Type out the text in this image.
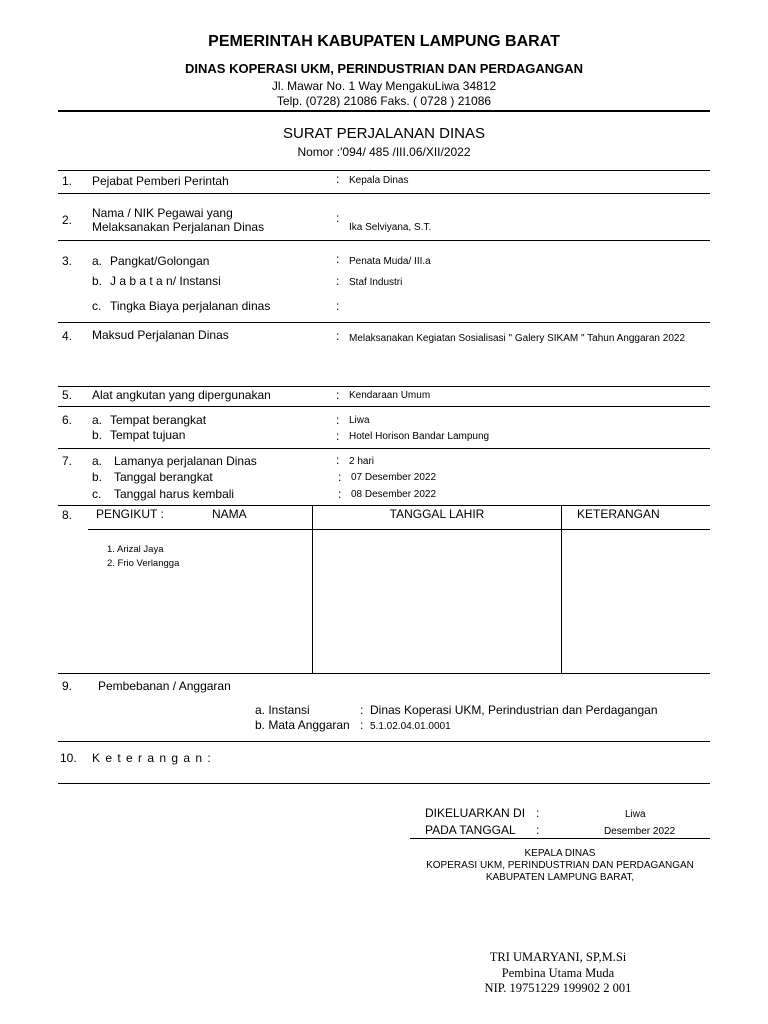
PEMERINTAH KABUPATEN LAMPUNG BARAT
DINAS KOPERASI UKM, PERINDUSTRIAN DAN PERDAGANGAN
Jl. Mawar No. 1 Way MengakuLiwa 34812
Telp. (0728) 21086 Faks. ( 0728 ) 21086
SURAT PERJALANAN DINAS
Nomor :'094/ 485 /III.06/XII/2022
1. Pejabat Pemberi Perintah	: Kepala Dinas
2. Nama / NIK Pegawai yang
Melaksanakan Perjalanan Dinas
:
Ika Selviyana, S.T.
3. a. Pangkat/Golongan	: Penata Muda/ III.a
b. J a b a t a n/ Instansi	: Staf Industri
c. Tingka Biaya perjalanan dinas	:
4. Maksud Perjalanan Dinas	: Melaksanakan Kegiatan Sosialisasi " Galery SIKAM " Tahun Anggaran 2022
5. Alat angkutan yang dipergunakan	: Kendaraan Umum
6. a. Tempat berangkat	: Liwa
b. Tempat tujuan	: Hotel Horison Bandar Lampung
7. a. Lamanya perjalanan Dinas	: 2 hari
b. Tanggal berangkat	: 07 Desember 2022
c. Tanggal harus kembali	: 08 Desember 2022
8. PENGIKUT :	NAMA	TANGGAL LAHIR	KETERANGAN
1. Arizal Jaya
2. Frio Verlangga
9. Pembebanan / Anggaran
a. Instansi	: Dinas Koperasi UKM, Perindustrian dan Perdagangan
b. Mata Anggaran : 5.1.02.04.01.0001
10. K e t e r a n g a n :
DIKELUARKAN DI :	Liwa
PADA TANGGAL :	Desember 2022
KEPALA DINAS
KOPERASI UKM, PERINDUSTRIAN DAN PERDAGANGAN
KABUPATEN LAMPUNG BARAT,
TRI UMARYANI, SP,M.Si
Pembina Utama Muda
NIP. 19751229 199902 2 001
